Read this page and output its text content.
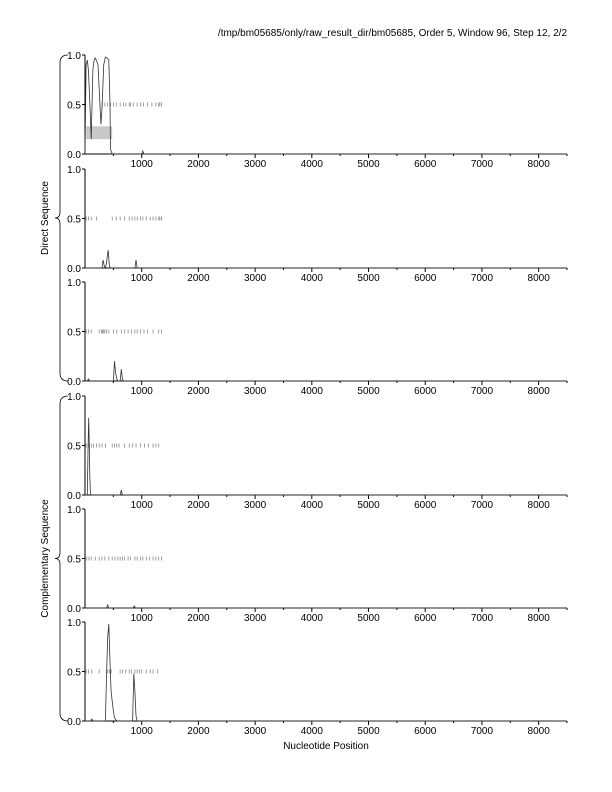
/tmp/bm05685/only/raw_result_dir/bm05685, Order 5, Window 96, Step 12, 2/2
Direct Sequence
Complementary Sequence
0.0
0.5
1.0
1000	2000	3000	4000	5000	6000	7000	8000
0.0
0.5
1.0
1000	2000	3000	4000	5000	6000	7000	8000
0.0
0.5
1.0
1000	2000	3000	4000	5000	6000	7000	8000
0.0
0.5
1.0
1000	2000	3000	4000	5000	6000	7000	8000
0.0
0.5
1.0
1000	2000	3000	4000	5000	6000	7000	8000
0.0
0.5
1.0
1000	2000	3000	4000	5000	6000	7000	8000
Nucleotide Position
